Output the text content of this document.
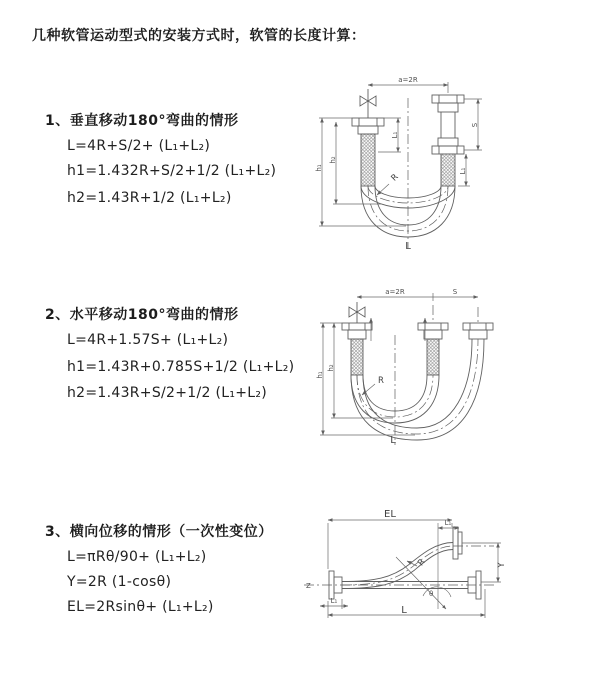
几种软管运动型式的安装方式时，软管的长度计算：
1、垂直移动180°弯曲的情形
L=4R+S/2+ (L₁+L₂)
h1=1.432R+S/2+1/2 (L₁+L₂)
h2=1.43R+1/2 (L₁+L₂)
2、水平移动180°弯曲的情形
L=4R+1.57S+ (L₁+L₂)
h1=1.43R+0.785S+1/2 (L₁+L₂)
h2=1.43R+S/2+1/2 (L₁+L₂)
3、横向位移的情形（一次性变位）
L=πRθ/90+ (L₁+L₂)
Y=2R (1-cosθ)
EL=2Rsinθ+ (L₁+L₂)
a=2R
S
L₁
L₁
h₁
h₂
R
L
a=2R	S
h₁
h₂
R
L
EL
L₁
Y
R
θ
L
L₁
Z
